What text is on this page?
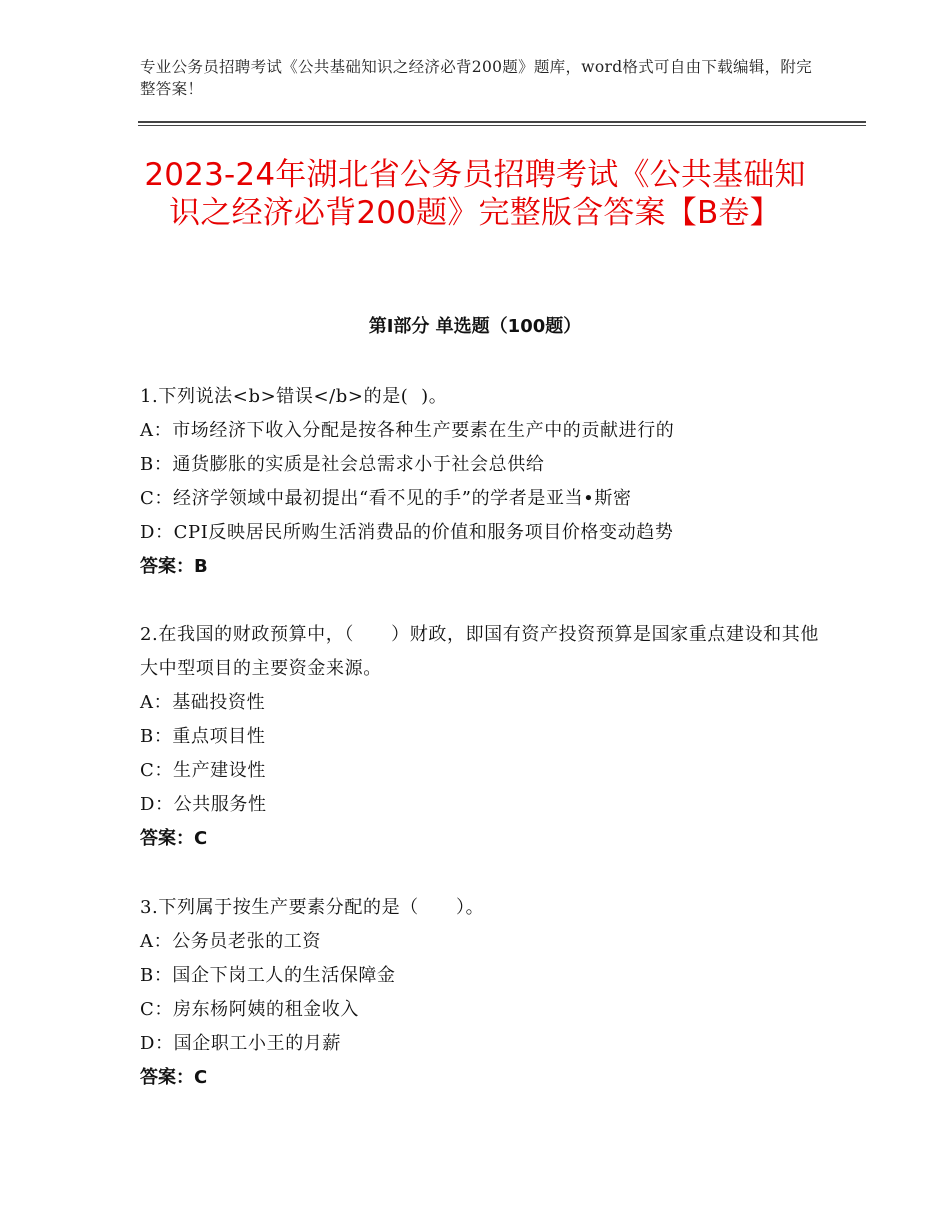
专业公务员招聘考试《公共基础知识之经济必背200题》题库，word格式可自由下载编辑，附完整答案！
2023-24年湖北省公务员招聘考试《公共基础知识之经济必背200题》完整版含答案【B卷】
第Ⅰ部分 单选题（100题）
1.下列说法<b>错误</b>的是(  )。
A：市场经济下收入分配是按各种生产要素在生产中的贡献进行的
B：通货膨胀的实质是社会总需求小于社会总供给
C：经济学领域中最初提出“看不见的手”的学者是亚当•斯密
D：CPI反映居民所购生活消费品的价值和服务项目价格变动趋势
答案：B
2.在我国的财政预算中，（　　）财政，即国有资产投资预算是国家重点建设和其他大中型项目的主要资金来源。
A：基础投资性
B：重点项目性
C：生产建设性
D：公共服务性
答案：C
3.下列属于按生产要素分配的是（　　）。
A：公务员老张的工资
B：国企下岗工人的生活保障金
C：房东杨阿姨的租金收入
D：国企职工小王的月薪
答案：C
